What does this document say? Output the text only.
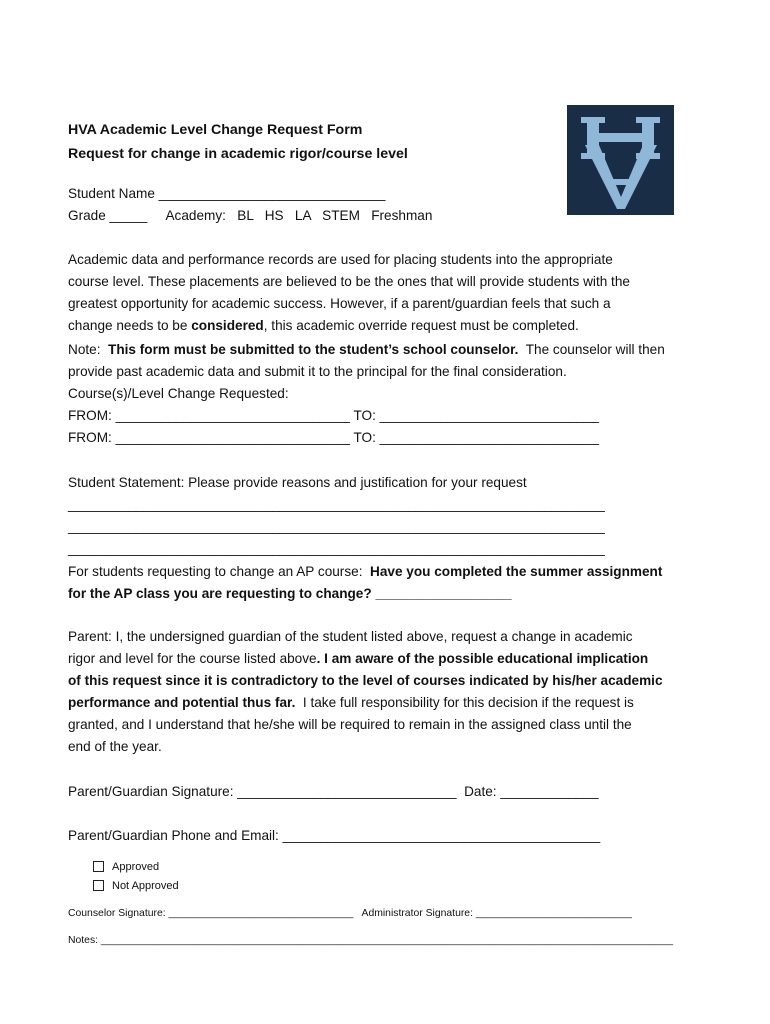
HVA Academic Level Change Request Form

Request for change in academic rigor/course level

Student Name ______________________________

Grade _____     Academy:   BL   HS   LA   STEM   Freshman

Academic data and performance records are used for placing students into the appropriate

course level. These placements are believed to be the ones that will provide students with the

greatest opportunity for academic success. However, if a parent/guardian feels that such a

change needs to be considered, this academic override request must be completed.

Note:  This form must be submitted to the student’s school counselor.  The counselor will then

provide past academic data and submit it to the principal for the final consideration.

Course(s)/Level Change Requested:

FROM: _______________________________ TO: _____________________________

FROM: _______________________________ TO: _____________________________

Student Statement: Please provide reasons and justification for your request

_______________________________________________________________________

_______________________________________________________________________

_______________________________________________________________________

For students requesting to change an AP course:  Have you completed the summer assignment

for the AP class you are requesting to change? __________________

Parent: I, the undersigned guardian of the student listed above, request a change in academic

rigor and level for the course listed above. I am aware of the possible educational implication

of this request since it is contradictory to the level of courses indicated by his/her academic

performance and potential thus far.  I take full responsibility for this decision if the request is

granted, and I understand that he/she will be required to remain in the assigned class until the

end of the year.

Parent/Guardian Signature: _____________________________  Date: _____________

Parent/Guardian Phone and Email: __________________________________________

Approved
Not Approved

Counselor Signature: ________________________________   Administrator Signature: ___________________________

Notes: ___________________________________________________________________________________________________
